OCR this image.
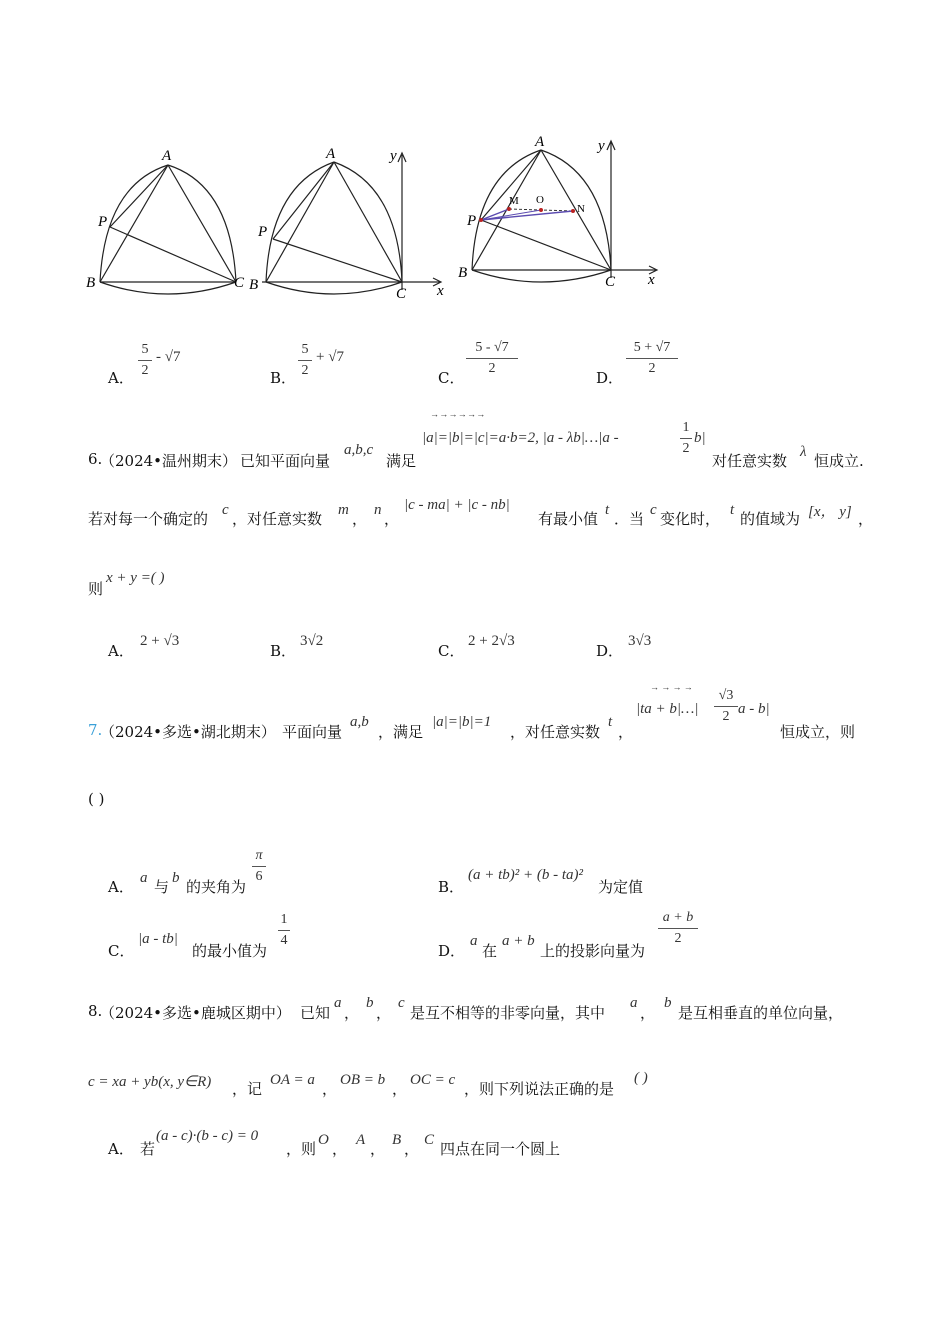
A
P
B	C
A
P
B
C x
y
A
P
M O
N
B
C x
y
A．
5
2
- √7
B．
5
2
+ √7
C．
5 - √7
2
D．
5 + √7
2
6.
（2024•温州期末） 已知平面向量
a,b,c
满足
→ → → → → →
|a|=|b|=|c|=a·b=2, |a - λb|…|a -
1
2
b|
对任意实数 λ 恒成立.
若对每一个确定的 c ，对任意实数 m ， n ，
|c - ma| + |c - nb|
有最小值 t ．当 c 变化时， t 的值域为 [x， y] ，
则
x + y =( )
A．
2 + √3
B．
3√2
C．
2 + 2√3
D．
3√3
7.
（2024•多选•湖北期末） 平面向量
a,b
，满足
|a|=|b|=1
，对任意实数
t
，
→ → → →
|ta + b|…|
√3
2 a - b|
恒成立，则
( )
A． a 与 b 的夹角为
π
6
B．
(a + tb)² + (b - ta)²
为定值
C．
|a - tb|
的最小值为
1
4
D．
a
在
a + b
上的投影向量为
a + b
2
8.
（2024•多选•鹿城区期中） 已知
a
，
b
，
c
是互不相等的非零向量，其中
a
，
b
是互相垂直的单位向量，
c = xa + yb(x, y∈R) ，记 OA = a ， OB = b ， OC = c ，则下列说法正确的是
( )
A． 若
(a - c)·(b - c) = 0
，则 O ， A ， B ， C 四点在同一个圆上
